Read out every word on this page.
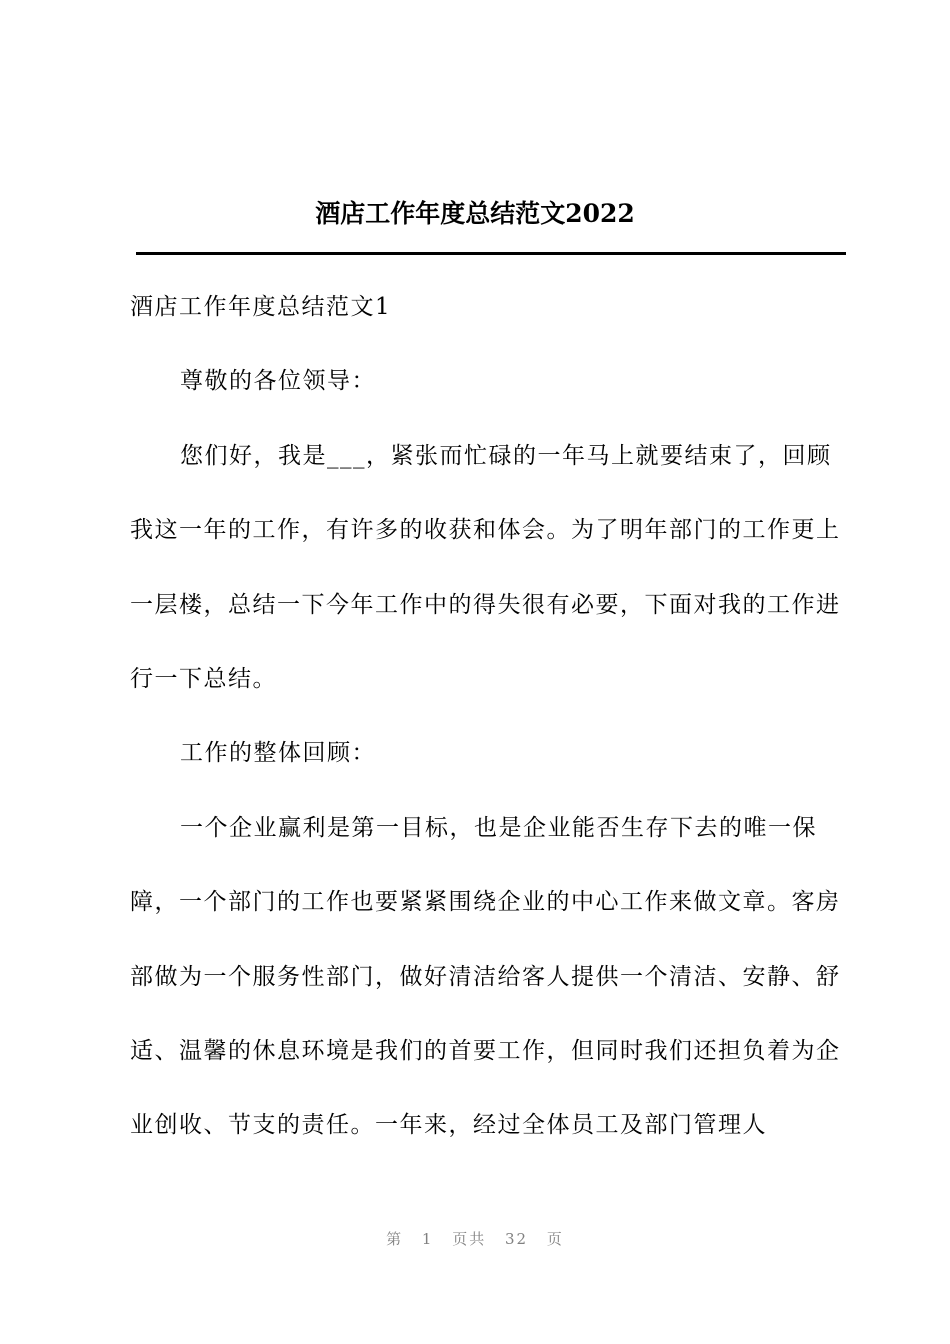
酒店工作年度总结范文2022

酒店工作年度总结范文1

尊敬的各位领导：

您们好，我是___，紧张而忙碌的一年马上就要结束了，回顾我这一年的工作，有许多的收获和体会。为了明年部门的工作更上一层楼，总结一下今年工作中的得失很有必要，下面对我的工作进行一下总结。

工作的整体回顾：

一个企业赢利是第一目标，也是企业能否生存下去的唯一保障，一个部门的工作也要紧紧围绕企业的中心工作来做文章。客房部做为一个服务性部门，做好清洁给客人提供一个清洁、安静、舒适、温馨的休息环境是我们的首要工作，但同时我们还担负着为企业创收、节支的责任。一年来，经过全体员工及部门管理人

第 1 页共 32 页
